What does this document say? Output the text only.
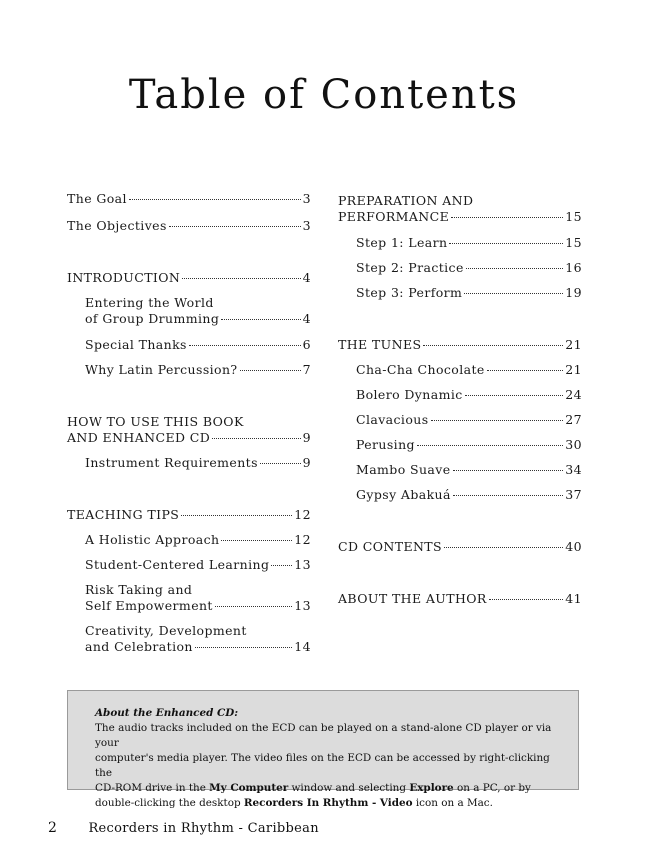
Table of Contents
The Goal	3
The Objectives	3
INTRODUCTION	4
Entering the World
of Group Drumming	4
Special Thanks	6
Why Latin Percussion?	7
HOW TO USE THIS BOOK
AND ENHANCED CD	9
Instrument Requirements	9
TEACHING TIPS	12
A Holistic Approach	12
Student-Centered Learning 13
Risk Taking and
Self Empowerment	13
Creativity, Development
and Celebration	14
PREPARATION AND
PERFORMANCE	15
Step 1: Learn	15
Step 2: Practice	16
Step 3: Perform	19
THE TUNES	21
Cha-Cha Chocolate	21
Bolero Dynamic	24
Clavacious	27
Perusing	30
Mambo Suave	34
Gypsy Abakuá	37
CD CONTENTS	40
ABOUT THE AUTHOR	41
About the Enhanced CD:
The audio tracks included on the ECD can be played on a stand-alone CD player or via your
computer's media player. The video files on the ECD can be accessed by right-clicking the
CD-ROM drive in the My Computer window and selecting Explore on a PC, or by
double-clicking the desktop Recorders In Rhythm - Video icon on a Mac.
2 Recorders in Rhythm - Caribbean
